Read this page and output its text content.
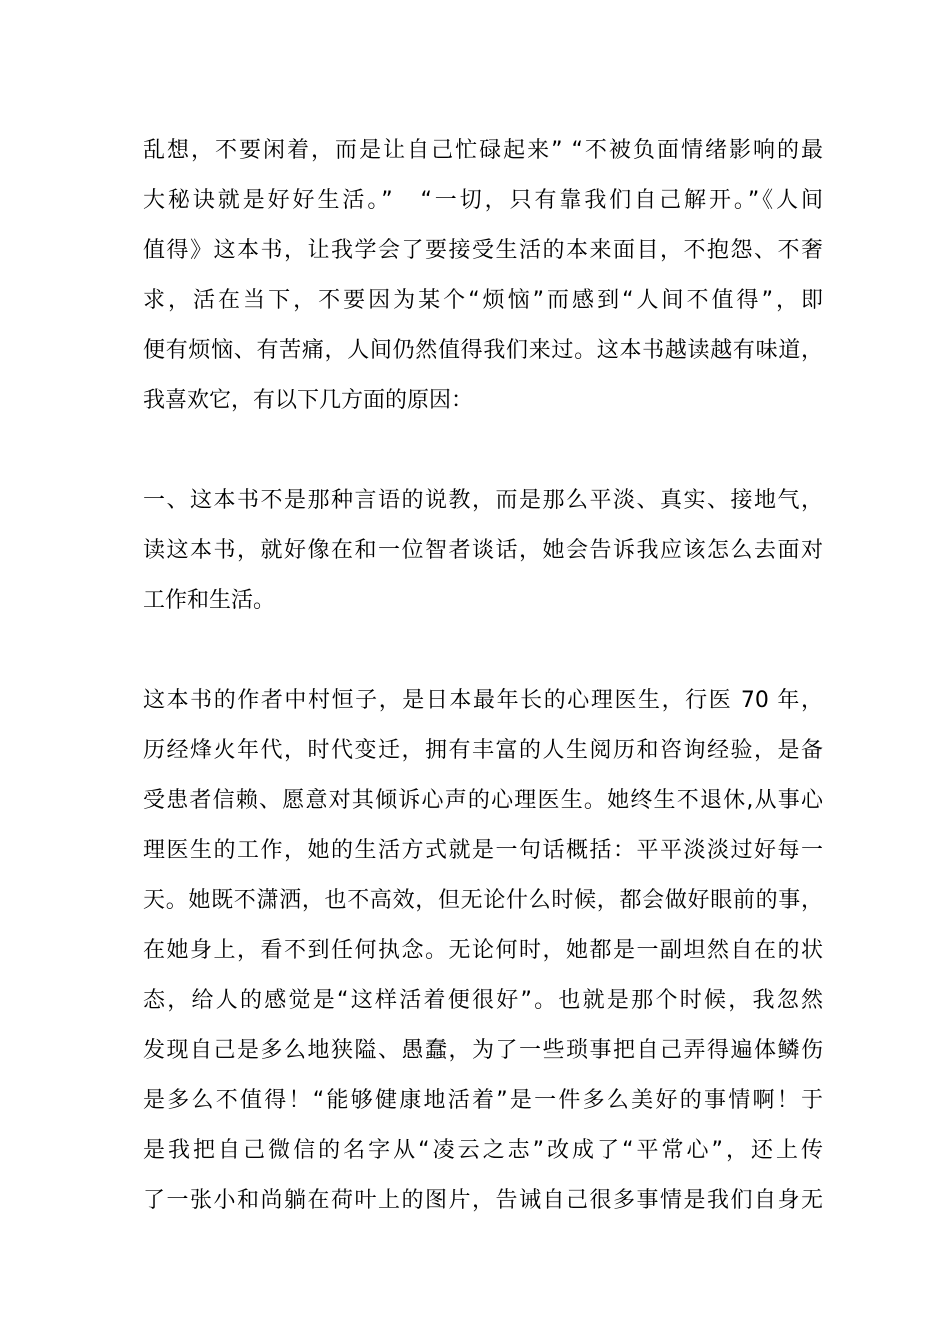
乱想，不要闲着，而是让自己忙碌起来” “不被负面情绪影响的最
大秘诀就是好好生活。”　“一切，只有靠我们自己解开。”《人间
值得》这本书，让我学会了要接受生活的本来面目，不抱怨、不奢
求，活在当下，不要因为某个“烦恼”而感到“人间不值得”，即
便有烦恼、有苦痛，人间仍然值得我们来过。这本书越读越有味道，
我喜欢它，有以下几方面的原因：
一、这本书不是那种言语的说教，而是那么平淡、真实、接地气，
读这本书，就好像在和一位智者谈话，她会告诉我应该怎么去面对
工作和生活。
这本书的作者中村恒子，是日本最年长的心理医生，行医 70 年，
历经烽火年代，时代变迁，拥有丰富的人生阅历和咨询经验，是备
受患者信赖、愿意对其倾诉心声的心理医生。她终生不退休,从事心
理医生的工作，她的生活方式就是一句话概括：平平淡淡过好每一
天。她既不潇洒，也不高效，但无论什么时候，都会做好眼前的事，
在她身上，看不到任何执念。无论何时，她都是一副坦然自在的状
态，给人的感觉是“这样活着便很好”。也就是那个时候，我忽然
发现自己是多么地狭隘、愚蠢，为了一些琐事把自己弄得遍体鳞伤
是多么不值得！“能够健康地活着”是一件多么美好的事情啊！于
是我把自己微信的名字从“凌云之志”改成了“平常心”，还上传
了一张小和尚躺在荷叶上的图片，告诫自己很多事情是我们自身无
